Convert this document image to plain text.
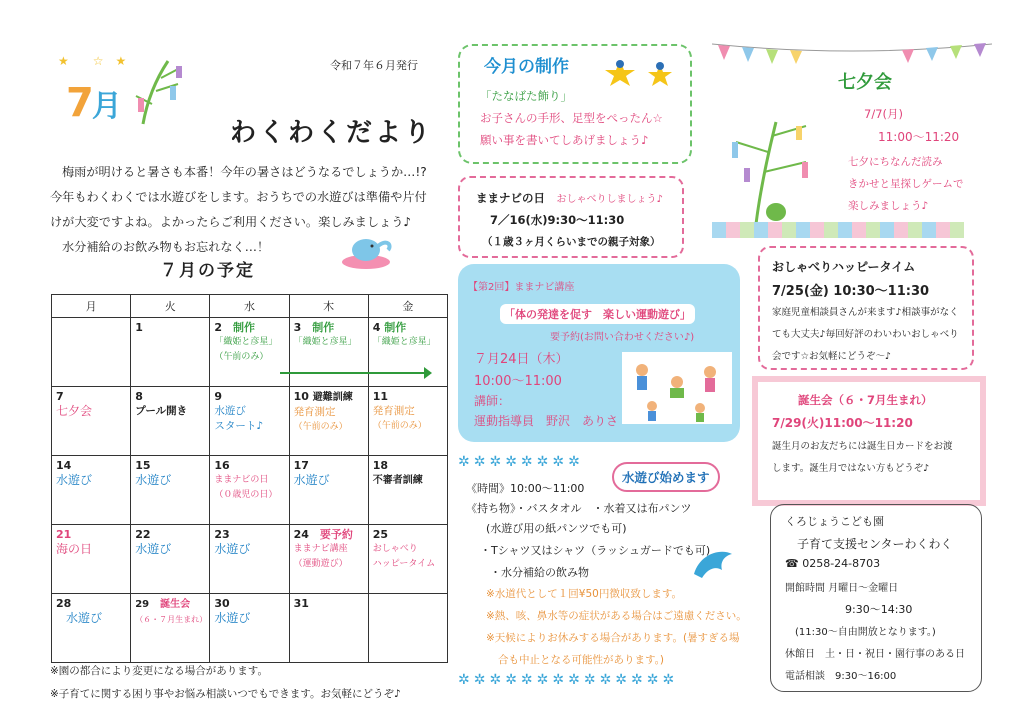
令和７年６月発行
★　　☆　★
7月
わくわくだより

梅雨が明けると暑さも本番！今年の暑さはどうなるでしょうか…!?

今年もわくわくでは水遊びをします。おうちでの水遊びは準備や片付

けが大変ですよね。よかったらご利用ください。楽しみましょう♪

水分補給のお飲み物もお忘れなく…！

７月の予定
月	火	水	木	金

	1	2　 制作
「織姫と彦星」
（午前のみ）	3　 制作
「織姫と彦星」	4 制作
「織姫と彦星」

7
七夕会	8
プール開き	9
水遊び
スタート♪	10 避難訓練
発育測定
（午前のみ）	11
発育測定
（午前のみ）

14
水遊び	15
水遊び	16
ままナビの日
（０歳児の日）	17
水遊び	18
不審者訓練

21
海の日	22
水遊び	23
水遊び	24　 要予約
ままナビ講座
（運動遊び）	25
おしゃべり
ハッピータイム

28
水遊び	29　 誕生会
（６・７月生まれ）	30
水遊び	31	

※園の都合により変更になる場合があります。
※子育てに関する困り事やお悩み相談いつでもできます。お気軽にどうぞ♪
今月の制作
「たなばた飾り」
お子さんの手形、足型をぺったん☆
願い事を書いてしあげましょう♪
ままナビの日　 おしゃべりしましょう♪
7／16(水)9:30～11:30
（１歳３ヶ月くらいまでの親子対象）
【第2回】ままナビ講座
「体の発達を促す　楽しい運動遊び」
要予約(お問い合わせください♪)
７月24日（木）
10:00～11:00
講師：
運動指導員　野沢　ありさ
✲✲✲✲✲✲✲✲
水遊び始めます
《時間》10:00～11:00
《持ち物》・バスタオル　・水着又は布パンツ
(水遊び用の紙パンツでも可)
・Tシャツ又はシャツ（ラッシュガードでも可)
・水分補給の飲み物
※水道代として１回¥50円徴収致します。
※熱、咳、鼻水等の症状がある場合はご遠慮ください。
※天候によりお休みする場合があります。(暑すぎる場
合も中止となる可能性があります。)
✲✲✲✲✲✲✲✲✲✲✲✲✲✲
七夕会
7/7(月)
11:00～11:20
七夕にちなんだ読み
きかせと星探しゲームで
楽しみましょう♪
おしゃべりハッピータイム
7/25(金) 10:30～11:30
家庭児童相談員さんが来ます♪相談事がなく
ても大丈夫♪毎回好評のわいわいおしゃべり
会です☆お気軽にどうぞ～♪
誕生会（６・7月生まれ）
7/29(火)11:00～11:20
誕生月のお友だちには誕生日カードをお渡
します。誕生月ではない方もどうぞ♪
くろじょうこども園
子育て支援センターわくわく
☎ 0258-24-8703
開館時間 月曜日～金曜日
9:30～14:30
(11:30～自由開放となります。)
休館日　 土・日・祝日・園行事のある日
電話相談　 9:30～16:00
